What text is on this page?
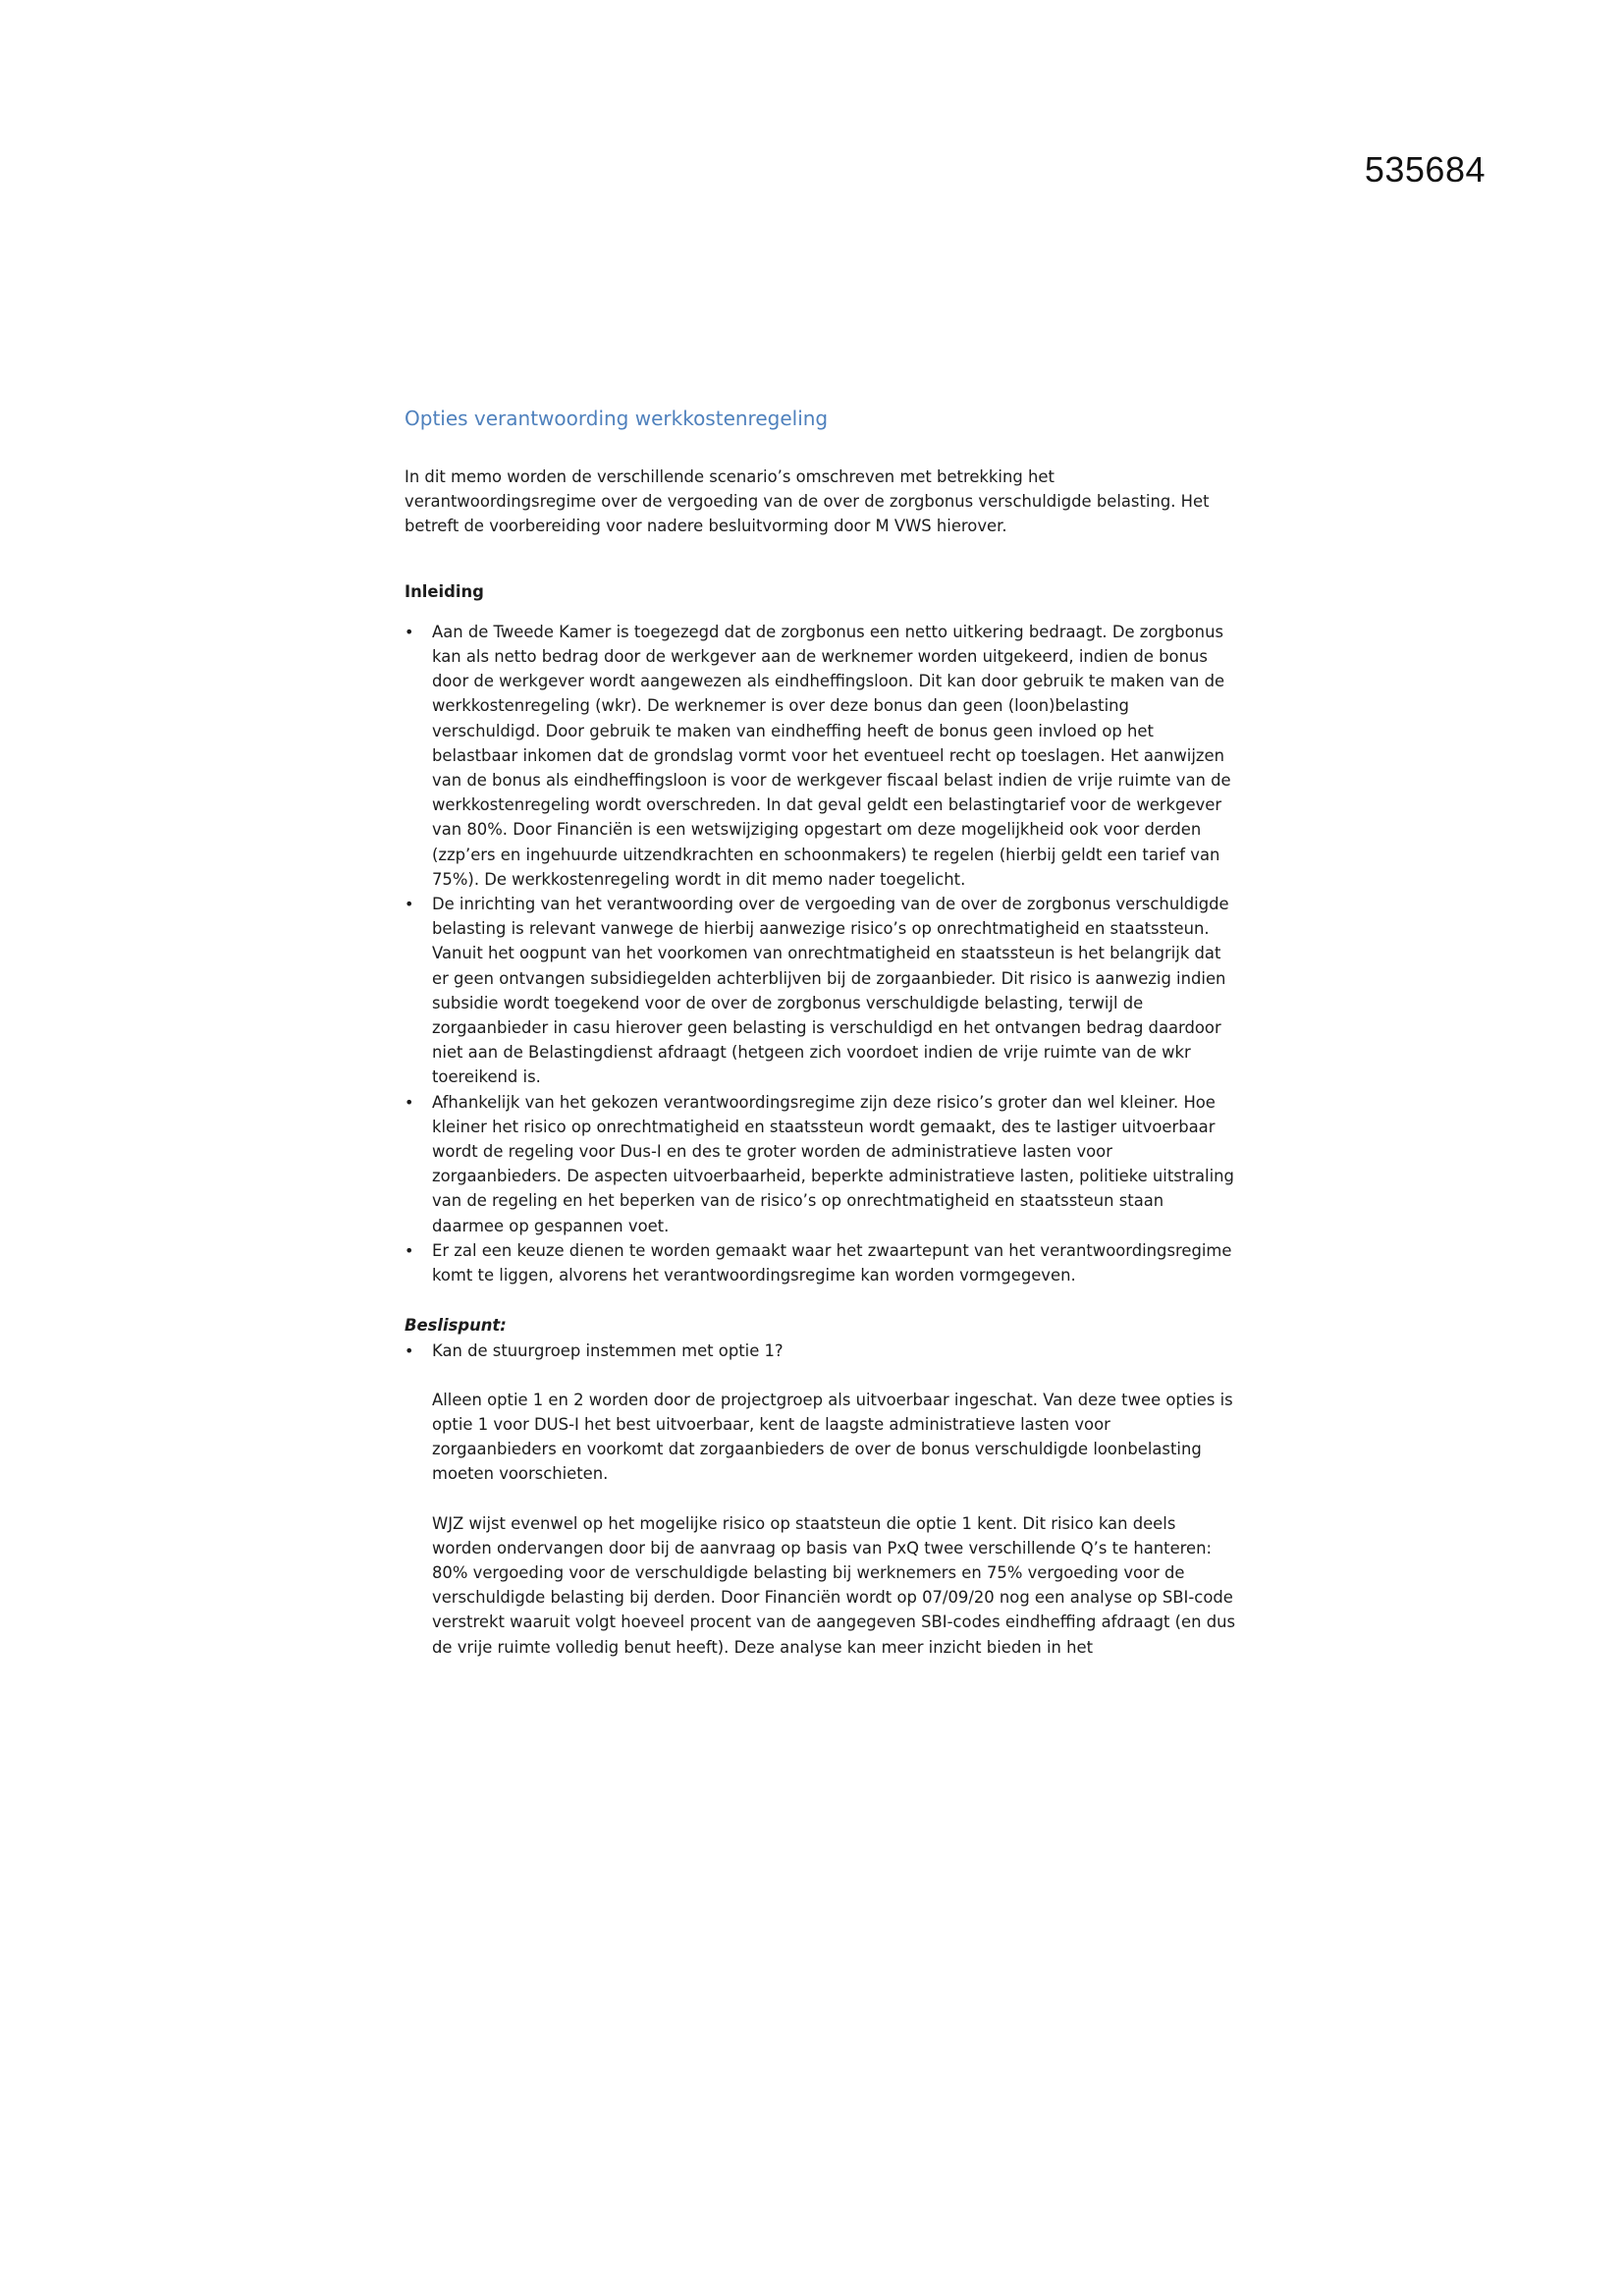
535684
Opties verantwoording werkkostenregeling

In dit memo worden de verschillende scenario’s omschreven met betrekking het verantwoordingsregime over de vergoeding van de over de zorgbonus verschuldigde belasting. Het betreft de voorbereiding voor nadere besluitvorming door M VWS hierover.

Inleiding

• Aan de Tweede Kamer is toegezegd dat de zorgbonus een netto uitkering bedraagt. De zorgbonus kan als netto bedrag door de werkgever aan de werknemer worden uitgekeerd, indien de bonus door de werkgever wordt aangewezen als eindheffingsloon. Dit kan door gebruik te maken van de werkkostenregeling (wkr). De werknemer is over deze bonus dan geen (loon)belasting verschuldigd. Door gebruik te maken van eindheffing heeft de bonus geen invloed op het belastbaar inkomen dat de grondslag vormt voor het eventueel recht op toeslagen. Het aanwijzen van de bonus als eindheffingsloon is voor de werkgever fiscaal belast indien de vrije ruimte van de werkkostenregeling wordt overschreden. In dat geval geldt een belastingtarief voor de werkgever van 80%. Door Financiën is een wetswijziging opgestart om deze mogelijkheid ook voor derden (zzp’ers en ingehuurde uitzendkrachten en schoonmakers) te regelen (hierbij geldt een tarief van 75%). De werkkostenregeling wordt in dit memo nader toegelicht.
• De inrichting van het verantwoording over de vergoeding van de over de zorgbonus verschuldigde belasting is relevant vanwege de hierbij aanwezige risico’s op onrechtmatigheid en staatssteun. Vanuit het oogpunt van het voorkomen van onrechtmatigheid en staatssteun is het belangrijk dat er geen ontvangen subsidiegelden achterblijven bij de zorgaanbieder. Dit risico is aanwezig indien subsidie wordt toegekend voor de over de zorgbonus verschuldigde belasting, terwijl de zorgaanbieder in casu hierover geen belasting is verschuldigd en het ontvangen bedrag daardoor niet aan de Belastingdienst afdraagt (hetgeen zich voordoet indien de vrije ruimte van de wkr toereikend is.
• Afhankelijk van het gekozen verantwoordingsregime zijn deze risico’s groter dan wel kleiner. Hoe kleiner het risico op onrechtmatigheid en staatssteun wordt gemaakt, des te lastiger uitvoerbaar wordt de regeling voor Dus-I en des te groter worden de administratieve lasten voor zorgaanbieders. De aspecten uitvoerbaarheid, beperkte administratieve lasten, politieke uitstraling van de regeling en het beperken van de risico’s op onrechtmatigheid en staatssteun staan daarmee op gespannen voet.
• Er zal een keuze dienen te worden gemaakt waar het zwaartepunt van het verantwoordingsregime komt te liggen, alvorens het verantwoordingsregime kan worden vormgegeven.

Beslispunt:

• Kan de stuurgroep instemmen met optie 1?

Alleen optie 1 en 2 worden door de projectgroep als uitvoerbaar ingeschat. Van deze twee opties is optie 1 voor DUS-I het best uitvoerbaar, kent de laagste administratieve lasten voor zorgaanbieders en voorkomt dat zorgaanbieders de over de bonus verschuldigde loonbelasting moeten voorschieten.

WJZ wijst evenwel op het mogelijke risico op staatsteun die optie 1 kent. Dit risico kan deels worden ondervangen door bij de aanvraag op basis van PxQ twee verschillende Q’s te hanteren: 80% vergoeding voor de verschuldigde belasting bij werknemers en 75% vergoeding voor de verschuldigde belasting bij derden. Door Financiën wordt op 07/09/20 nog een analyse op SBI-code verstrekt waaruit volgt hoeveel procent van de aangegeven SBI-codes eindheffing afdraagt (en dus de vrije ruimte volledig benut heeft). Deze analyse kan meer inzicht bieden in het
